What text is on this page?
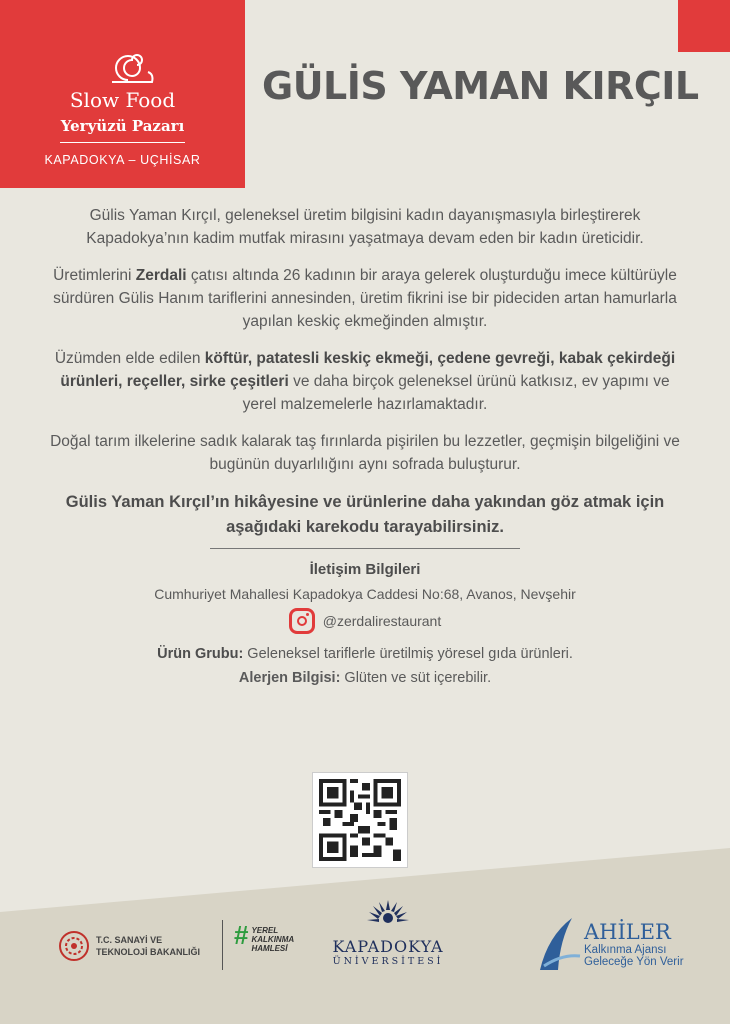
Slow Food
Yeryüzü Pazarı
KAPADOKYA – UÇHİSAR
GÜLİS YAMAN KIRÇIL

Gülis Yaman Kırçıl, geleneksel üretim bilgisini kadın dayanışmasıyla birleştirerek Kapadokya’nın kadim mutfak mirasını yaşatmaya devam eden bir kadın üreticidir.

Üretimlerini Zerdali çatısı altında 26 kadının bir araya gelerek oluşturduğu imece kültürüyle sürdüren Gülis Hanım tariflerini annesinden, üretim fikrini ise bir pideciden artan hamurlarla yapılan keskiç ekmeğinden almıştır.

Üzümden elde edilen köftür, patatesli keskiç ekmeği, çedene gevreği, kabak çekirdeği ürünleri, reçeller, sirke çeşitleri ve daha birçok geleneksel ürünü katkısız, ev yapımı ve yerel malzemelerle hazırlamaktadır.

Doğal tarım ilkelerine sadık kalarak taş fırınlarda pişirilen bu lezzetler, geçmişin bilgeliğini ve bugünün duyarlılığını aynı sofrada buluşturur.

Gülis Yaman Kırçıl’ın hikâyesine ve ürünlerine daha yakından göz atmak için aşağıdaki karekodu tarayabilirsiniz.

İletişim Bilgileri
Cumhuriyet Mahallesi Kapadokya Caddesi No:68, Avanos, Nevşehir
@zerdalirestaurant
Ürün Grubu: Geleneksel tariflerle üretilmiş yöresel gıda ürünleri.
Alerjen Bilgisi: Glüten ve süt içerebilir.
T.C. SANAYİ VE
TEKNOLOJİ BAKANLIĞI
# YEREL
KALKINMA
HAMLESİ	KAPADOKYA
ÜNİVERSİTESİ
AHİLER
Kalkınma Ajansı
Geleceğe Yön Verir
